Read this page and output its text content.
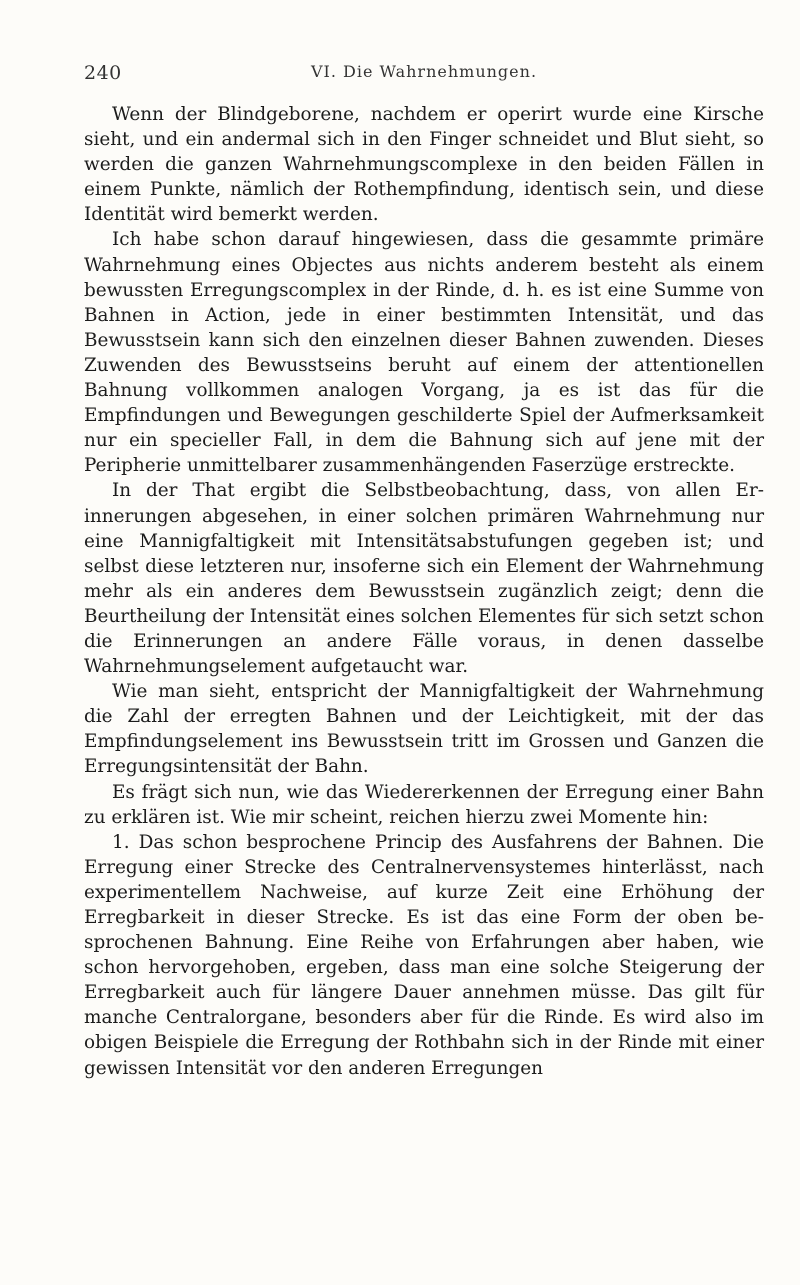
240	VI. Die Wahrnehmungen.

Wenn der Blindgeborene, nachdem er operirt wurde eine Kirsche sieht, und ein andermal sich in den Finger schneidet und Blut sieht, so werden die ganzen Wahrnehmungscomplexe in den beiden Fällen in einem Punkte, nämlich der Rothempfindung, identisch sein, und diese Identität wird bemerkt werden.

Ich habe schon darauf hingewiesen, dass die gesammte primäre Wahrnehmung eines Objectes aus nichts anderem besteht als einem bewussten Erregungscomplex in der Rinde, d. h. es ist eine Summe von Bahnen in Action, jede in einer bestimmten Intensität, und das Bewusstsein kann sich den einzelnen dieser Bahnen zuwenden. Dieses Zuwenden des Bewusstseins beruht auf einem der attentionellen Bahnung vollkommen analogen Vorgang, ja es ist das für die Empfindungen und Bewegungen geschilderte Spiel der Aufmerksamkeit nur ein specieller Fall, in dem die Bahnung sich auf jene mit der Peripherie unmittelbarer zusammenhängenden Faserzüge erstreckte.

In der That ergibt die Selbstbeobachtung, dass, von allen Erinnerungen abgesehen, in einer solchen primären Wahrnehmung nur eine Mannigfaltigkeit mit Intensitätsabstufungen gegeben ist; und selbst diese letzteren nur, insoferne sich ein Element der Wahrnehmung mehr als ein anderes dem Bewusstsein zugänzlich zeigt; denn die Beurtheilung der Intensität eines solchen Elementes für sich setzt schon die Erinnerungen an andere Fälle voraus, in denen dasselbe Wahrnehmungselement aufgetaucht war.

Wie man sieht, entspricht der Mannigfaltigkeit der Wahrnehmung die Zahl der erregten Bahnen und der Leichtigkeit, mit der das Empfindungselement ins Bewusstsein tritt im Grossen und Ganzen die Erregungsintensität der Bahn.

Es frägt sich nun, wie das Wiedererkennen der Erregung einer Bahn zu erklären ist. Wie mir scheint, reichen hierzu zwei Momente hin:

1. Das schon besprochene Princip des Ausfahrens der Bahnen. Die Erregung einer Strecke des Centralnervensystemes hinterlässt, nach experimentellem Nachweise, auf kurze Zeit eine Erhöhung der Erregbarkeit in dieser Strecke. Es ist das eine Form der oben besprochenen Bahnung. Eine Reihe von Erfahrungen aber haben, wie schon hervorgehoben, ergeben, dass man eine solche Steigerung der Erregbarkeit auch für längere Dauer annehmen müsse. Das gilt für manche Centralorgane, besonders aber für die Rinde. Es wird also im obigen Beispiele die Erregung der Rothbahn sich in der Rinde mit einer gewissen Intensität vor den anderen Erregungen
